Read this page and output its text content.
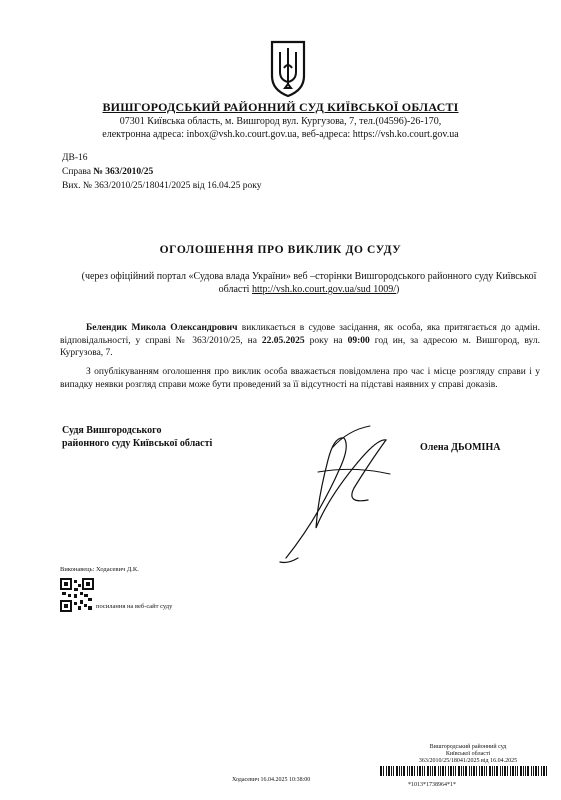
ВИШГОРОДСЬКИЙ РАЙОННИЙ СУД КИЇВСЬКОЇ ОБЛАСТІ
07301 Київська область, м. Вишгород вул. Кургузова, 7, тел.(04596)-26-170,
електронна адреса: inbox@vsh.ko.court.gov.ua, веб-адреса: https://vsh.ko.court.gov.ua
ДВ-16
Справа № 363/2010/25
Вих. № 363/2010/25/18041/2025 від 16.04.25 року
ОГОЛОШЕННЯ ПРО ВИКЛИК ДО СУДУ
(через офіційний портал «Судова влада України» веб –сторінки Вишгородського районного суду Київської області http://vsh.ko.court.gov.ua/sud 1009/)
Белендик Микола Олександрович викликається в судове засідання, як особа, яка притягається до адмін. відповідальності, у справі № 363/2010/25, на 22.05.2025 року на 09:00 год ин, за адресою м. Вишгород, вул. Кургузова, 7.
З опублікуванням оголошення про виклик особа вважається повідомлена про час і місце розгляду справи і у випадку неявки розгляд справи може бути проведений за її відсутності на підставі наявних у справі доказів.
Судя Вишгородського
районного суду Київської області	Олена ДЬОМІНА
Виконавець: Ходасевич Д.К.
посилання на веб-сайт суду
Вишгородський районний суд
Київської області
363/2010/25/18041/2025 від 16.04.2025
Ходасевич 16.04.2025 10:38:00
*1013*1738964*1*
